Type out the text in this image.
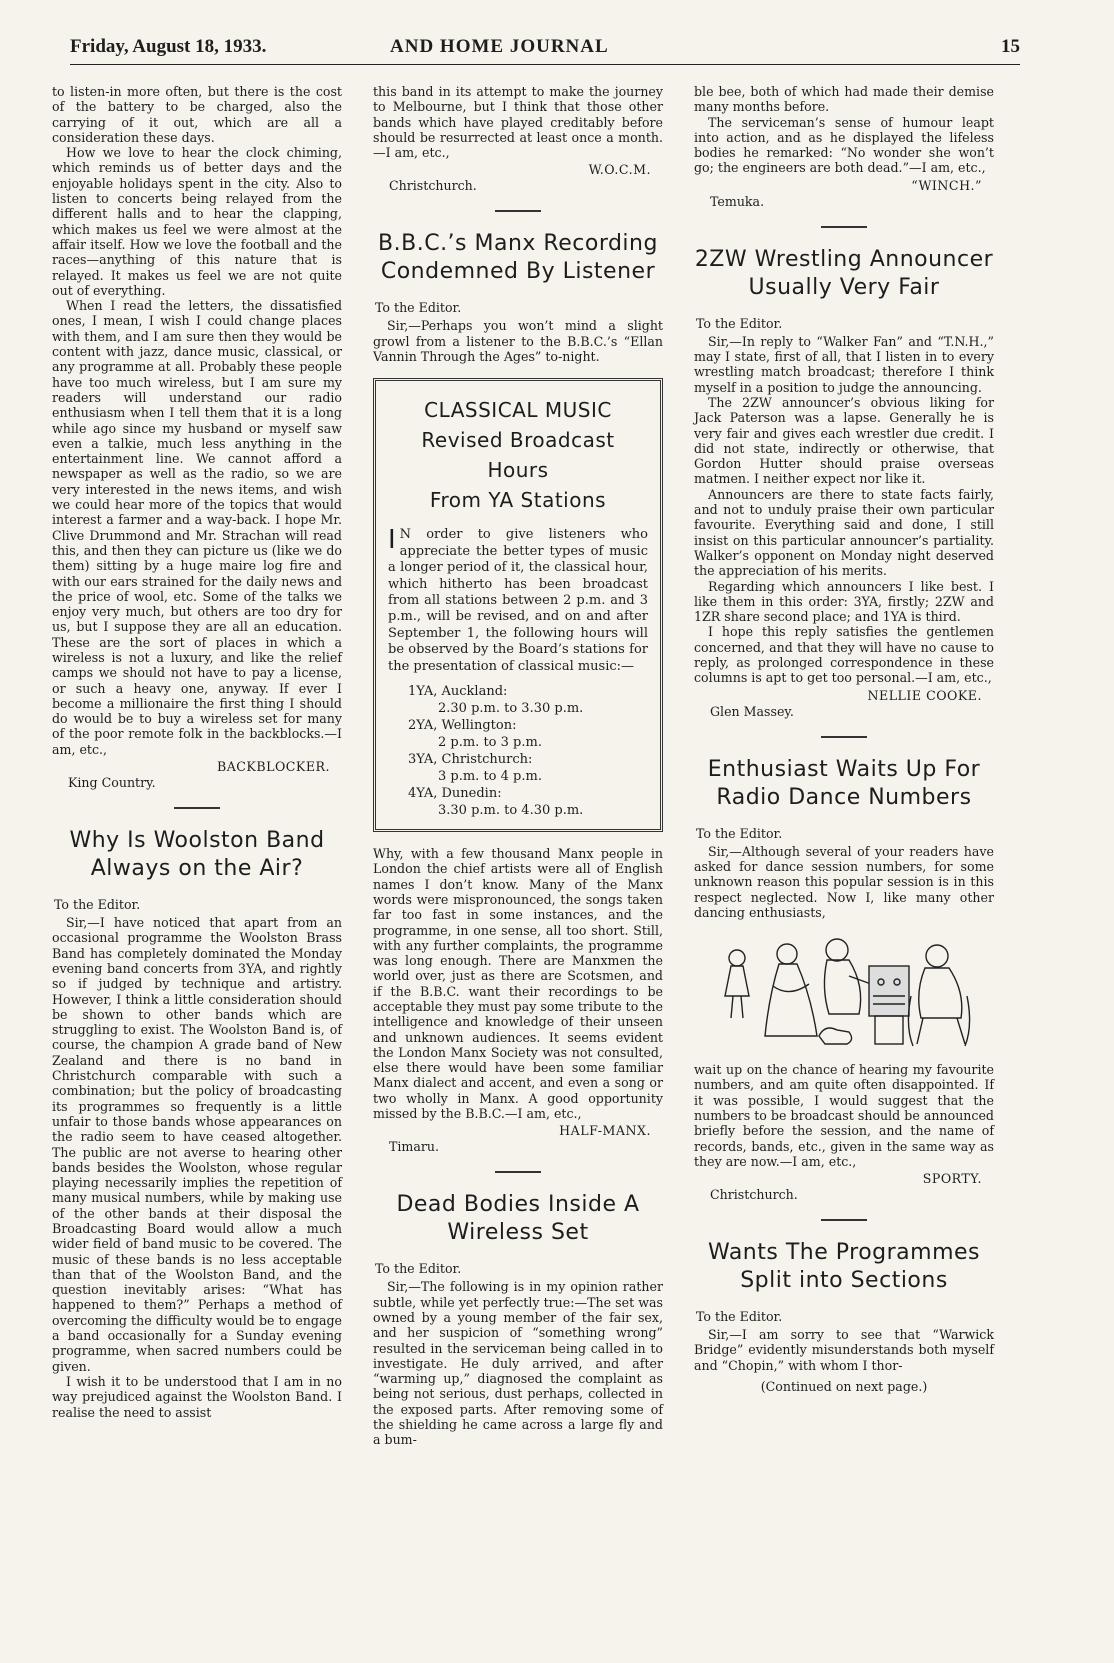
Friday, August 18, 1933.	AND HOME JOURNAL	15

to listen-in more often, but there is the cost of the battery to be charged, also the carrying of it out, which are all a consideration these days.

How we love to hear the clock chiming, which reminds us of better days and the enjoyable holidays spent in the city. Also to listen to concerts being relayed from the different halls and to hear the clapping, which makes us feel we were almost at the affair itself. How we love the football and the races—anything of this nature that is relayed. It makes us feel we are not quite out of everything.

When I read the letters, the dissatisfied ones, I mean, I wish I could change places with them, and I am sure then they would be content with jazz, dance music, classical, or any programme at all. Probably these people have too much wireless, but I am sure my readers will understand our radio enthusiasm when I tell them that it is a long while ago since my husband or myself saw even a talkie, much less anything in the entertainment line. We cannot afford a newspaper as well as the radio, so we are very interested in the news items, and wish we could hear more of the topics that would interest a farmer and a way-back. I hope Mr. Clive Drummond and Mr. Strachan will read this, and then they can picture us (like we do them) sitting by a huge maire log fire and with our ears strained for the daily news and the price of wool, etc. Some of the talks we enjoy very much, but others are too dry for us, but I suppose they are all an education. These are the sort of places in which a wireless is not a luxury, and like the relief camps we should not have to pay a license, or such a heavy one, anyway. If ever I become a millionaire the first thing I should do would be to buy a wireless set for many of the poor remote folk in the backblocks.—I am, etc.,

BACKBLOCKER.
King Country.
Why Is Woolston Band Always on the Air?
To the Editor.

Sir,—I have noticed that apart from an occasional programme the Woolston Brass Band has completely dominated the Monday evening band concerts from 3YA, and rightly so if judged by technique and artistry. However, I think a little consideration should be shown to other bands which are struggling to exist. The Woolston Band is, of course, the champion A grade band of New Zealand and there is no band in Christchurch comparable with such a combination; but the policy of broadcasting its programmes so frequently is a little unfair to those bands whose appearances on the radio seem to have ceased altogether. The public are not averse to hearing other bands besides the Woolston, whose regular playing necessarily implies the repetition of many musical numbers, while by making use of the other bands at their disposal the Broadcasting Board would allow a much wider field of band music to be covered. The music of these bands is no less acceptable than that of the Woolston Band, and the question inevitably arises: “What has happened to them?” Perhaps a method of overcoming the difficulty would be to engage a band occasionally for a Sunday evening programme, when sacred numbers could be given.

I wish it to be understood that I am in no way prejudiced against the Woolston Band. I realise the need to assist

this band in its attempt to make the journey to Melbourne, but I think that those other bands which have played creditably before should be resurrected at least once a month.—I am, etc.,

W.O.C.M.
Christchurch.
B.B.C.’s Manx Recording Condemned By Listener
To the Editor.

Sir,—Perhaps you won’t mind a slight growl from a listener to the B.B.C.’s “Ellan Vannin Through the Ages” to-night.

CLASSICAL MUSIC
Revised Broadcast Hours
From YA Stations

I N order to give listeners who appreciate the better types of music a longer period of it, the classical hour, which hitherto has been broadcast from all stations between 2 p.m. and 3 p.m., will be revised, and on and after September 1, the following hours will be observed by the Board’s stations for the presentation of classical music:—

1YA, Auckland:
2.30 p.m. to 3.30 p.m.
2YA, Wellington:
2 p.m. to 3 p.m.
3YA, Christchurch:
3 p.m. to 4 p.m.
4YA, Dunedin:
3.30 p.m. to 4.30 p.m.

Why, with a few thousand Manx people in London the chief artists were all of English names I don’t know. Many of the Manx words were mispronounced, the songs taken far too fast in some instances, and the programme, in one sense, all too short. Still, with any further complaints, the programme was long enough. There are Manxmen the world over, just as there are Scotsmen, and if the B.B.C. want their recordings to be acceptable they must pay some tribute to the intelligence and knowledge of their unseen and unknown audiences. It seems evident the London Manx Society was not consulted, else there would have been some familiar Manx dialect and accent, and even a song or two wholly in Manx. A good opportunity missed by the B.B.C.—I am, etc.,

HALF-MANX.
Timaru.
Dead Bodies Inside A Wireless Set
To the Editor.

Sir,—The following is in my opinion rather subtle, while yet perfectly true:—The set was owned by a young member of the fair sex, and her suspicion of “something wrong” resulted in the serviceman being called in to investigate. He duly arrived, and after “warming up,” diagnosed the complaint as being not serious, dust perhaps, collected in the exposed parts. After removing some of the shielding he came across a large fly and a bum-

ble bee, both of which had made their demise many months before.

The serviceman’s sense of humour leapt into action, and as he displayed the lifeless bodies he remarked: “No wonder she won’t go; the engineers are both dead.”—I am, etc.,

“WINCH.”
Temuka.
2ZW Wrestling Announcer Usually Very Fair
To the Editor.

Sir,—In reply to “Walker Fan” and “T.N.H.,” may I state, first of all, that I listen in to every wrestling match broadcast; therefore I think myself in a position to judge the announcing.

The 2ZW announcer’s obvious liking for Jack Paterson was a lapse. Generally he is very fair and gives each wrestler due credit. I did not state, indirectly or otherwise, that Gordon Hutter should praise overseas matmen. I neither expect nor like it.

Announcers are there to state facts fairly, and not to unduly praise their own particular favourite. Everything said and done, I still insist on this particular announcer’s partiality. Walker’s opponent on Monday night deserved the appreciation of his merits.

Regarding which announcers I like best. I like them in this order: 3YA, firstly; 2ZW and 1ZR share second place; and 1YA is third.

I hope this reply satisfies the gentlemen concerned, and that they will have no cause to reply, as prolonged correspondence in these columns is apt to get too personal.—I am, etc.,

NELLIE COOKE.
Glen Massey.
Enthusiast Waits Up For Radio Dance Numbers
To the Editor.

Sir,—Although several of your readers have asked for dance session numbers, for some unknown reason this popular session is in this respect neglected. Now I, like many other dancing enthusiasts,

wait up on the chance of hearing my favourite numbers, and am quite often disappointed. If it was possible, I would suggest that the numbers to be broadcast should be announced briefly before the session, and the name of records, bands, etc., given in the same way as they are now.—I am, etc.,

SPORTY.
Christchurch.
Wants The Programmes Split into Sections
To the Editor.

Sir,—I am sorry to see that “Warwick Bridge” evidently misunderstands both myself and “Chopin,” with whom I thor-

(Continued on next page.)
